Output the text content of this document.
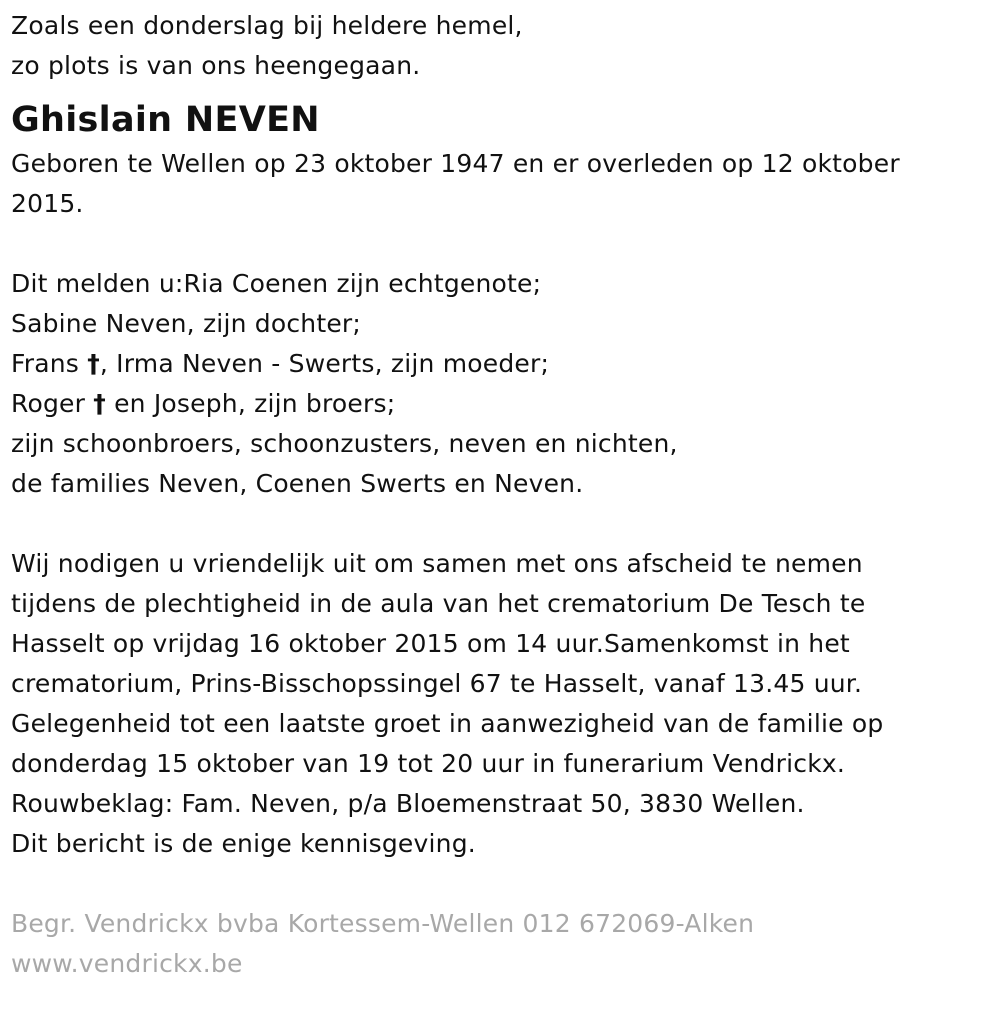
Zoals een donderslag bij heldere hemel,
zo plots is van ons heengegaan.
Ghislain NEVEN
Geboren te Wellen op 23 oktober 1947 en er overleden op 12 oktober
2015.
Dit melden u:Ria Coenen zijn echtgenote;
Sabine Neven, zijn dochter;
Frans †, Irma Neven - Swerts, zijn moeder;
Roger † en Joseph, zijn broers;
zijn schoonbroers, schoonzusters, neven en nichten,
de families Neven, Coenen Swerts en Neven.
Wij nodigen u vriendelijk uit om samen met ons afscheid te nemen
tijdens de plechtigheid in de aula van het crematorium De Tesch te
Hasselt op vrijdag 16 oktober 2015 om 14 uur.Samenkomst in het
crematorium, Prins-Bisschopssingel 67 te Hasselt, vanaf 13.45 uur.
Gelegenheid tot een laatste groet in aanwezigheid van de familie op
donderdag 15 oktober van 19 tot 20 uur in funerarium Vendrickx.
Rouwbeklag: Fam. Neven, p/a Bloemenstraat 50, 3830 Wellen.
Dit bericht is de enige kennisgeving.
Begr. Vendrickx bvba Kortessem-Wellen 012 672069-Alken
www.vendrickx.be
